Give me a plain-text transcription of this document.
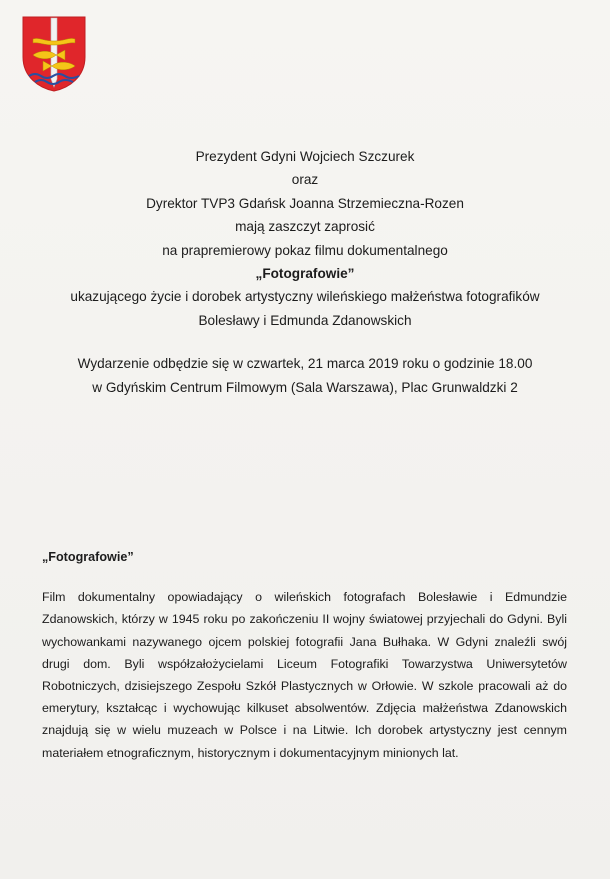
Prezydent Gdyni Wojciech Szczurek

oraz

Dyrektor TVP3 Gdańsk Joanna Strzemieczna-Rozen

mają zaszczyt zaprosić

na prapremierowy pokaz filmu dokumentalnego

„Fotografowie”

ukazującego życie i dorobek artystyczny wileńskiego małżeństwa fotografików

Bolesławy i Edmunda Zdanowskich

Wydarzenie odbędzie się w czwartek, 21 marca 2019 roku o godzinie 18.00

w Gdyńskim Centrum Filmowym (Sala Warszawa), Plac Grunwaldzki 2

„Fotografowie”

Film dokumentalny opowiadający o wileńskich fotografach Bolesławie i Edmundzie Zdanowskich, którzy w 1945 roku po zakończeniu II wojny światowej przyjechali do Gdyni. Byli wychowankami nazywanego ojcem polskiej fotografii Jana Bułhaka. W Gdyni znaleźli swój drugi dom. Byli współzałożycielami Liceum Fotografiki Towarzystwa Uniwersytetów Robotniczych, dzisiejszego Zespołu Szkół Plastycznych w Orłowie. W szkole pracowali aż do emerytury, kształcąc i wychowując kilkuset absolwentów. Zdjęcia małżeństwa Zdanowskich znajdują się w wielu muzeach w Polsce i na Litwie. Ich dorobek artystyczny jest cennym materiałem etnograficznym, historycznym i dokumentacyjnym minionych lat.
